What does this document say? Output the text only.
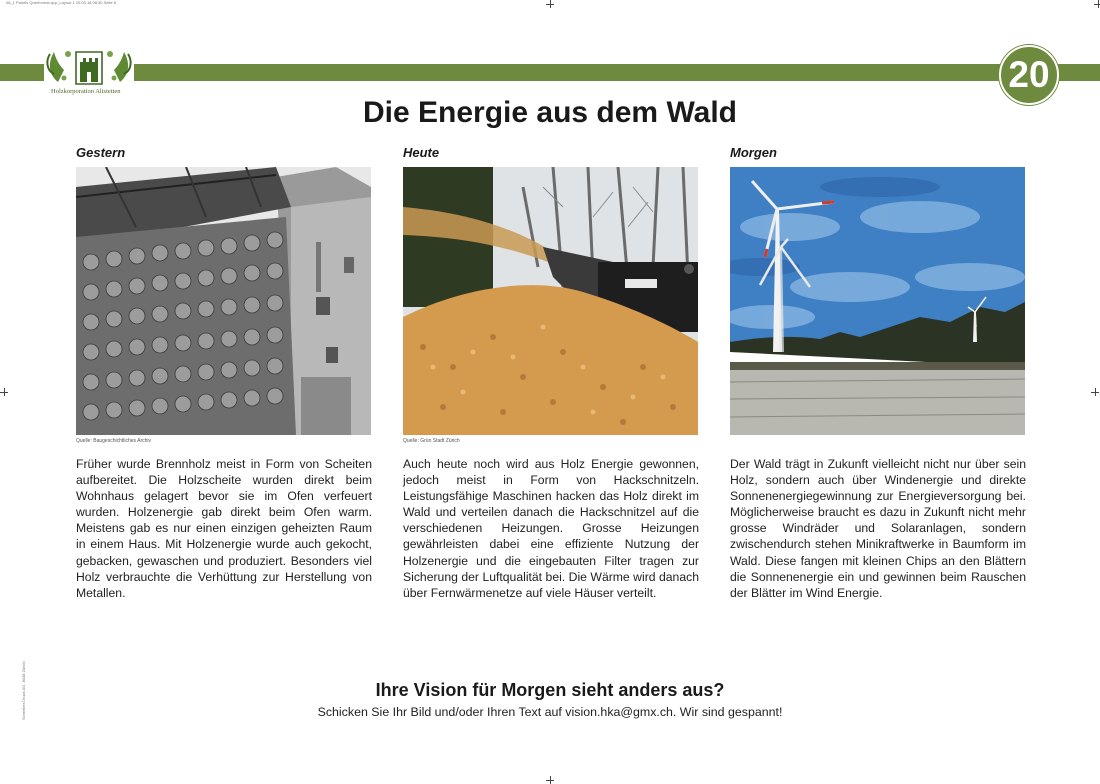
08_1 Panels Querformat.qxp_Layout 1 20.03.18 08:30 Seite 8
Holzkorporation Altstetten	20
Die Energie aus dem Wald
Gestern
Quelle: Baugeschichtliches Archiv
Früher wurde Brennholz meist in Form von Scheiten aufbereitet. Die Holzscheite wurden direkt beim Wohnhaus gelagert bevor sie im Ofen verfeuert wurden. Holzenergie gab direkt beim Ofen warm. Meistens gab es nur einen einzigen geheizten Raum in einem Haus. Mit Holzenergie wurde auch gekocht, gebacken, gewaschen und produziert. Besonders viel Holz verbrauchte die Verhüttung zur Herstellung von Metallen.
Heute
Quelle: Grün Stadt Zürich
Auch heute noch wird aus Holz Energie gewonnen, jedoch meist in Form von Hackschnitzeln. Leistungsfähige Maschinen hacken das Holz direkt im Wald und verteilen danach die Hackschnitzel auf die verschiedenen Heizungen. Grosse Heizungen gewährleisten dabei eine effiziente Nutzung der Holzenergie und die eingebauten Filter tragen zur Sicherung der Luftqualität bei. Die Wärme wird danach über Fernwärmenetze auf viele Häuser verteilt.
Morgen
Der Wald trägt in Zukunft vielleicht nicht nur über sein Holz, sondern auch über Windenergie und direkte Sonnenenergiegewinnung zur Energieversorgung bei. Möglicherweise braucht es dazu in Zukunft nicht mehr grosse Windräder und Solaranlagen, sondern zwischendurch stehen Minikraftwerke in Baumform im Wald. Diese fangen mit kleinen Chips an den Blättern die Sonnenenergie ein und gewinnen beim Rauschen der Blätter im Wind Energie.
Ihre Vision für Morgen sieht anders aus?
Schicken Sie Ihr Bild und/oder Ihren Text auf vision.hka@gmx.ch. Wir sind gespannt!
Schreiber Druck AG, 8048 Zürich
